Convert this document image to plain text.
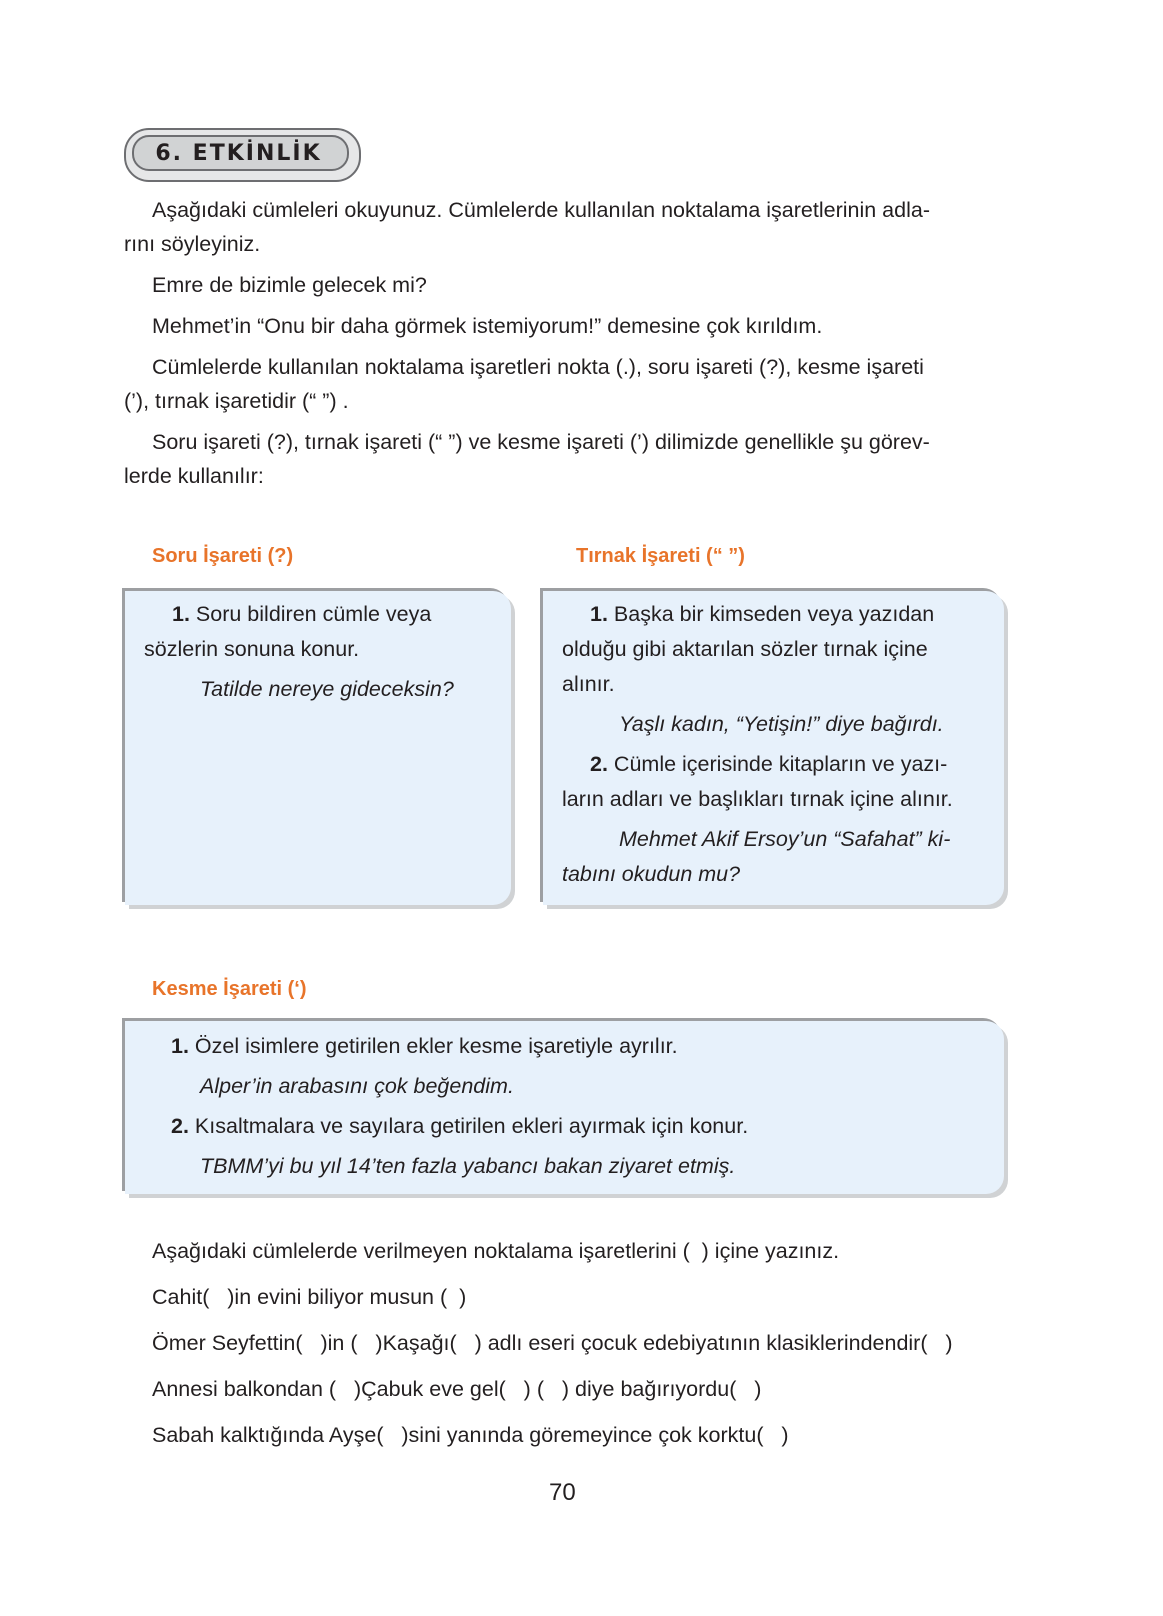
6. ETKİNLİK
Aşağıdaki cümleleri okuyunuz. Cümlelerde kullanılan noktalama işaretlerinin adla-
rını söyleyiniz.
Emre de bizimle gelecek mi?
Mehmet’in “Onu bir daha görmek istemiyorum!” demesine çok kırıldım.
Cümlelerde kullanılan noktalama işaretleri nokta (.), soru işareti (?), kesme işareti
(’), tırnak işaretidir (“ ”) .
Soru işareti (?), tırnak işareti (“ ”) ve kesme işareti (’) dilimizde genellikle şu görev-
lerde kullanılır:
Soru İşareti (?)	Tırnak İşareti (“ ”)
1. Soru bildiren cümle veya
sözlerin sonuna konur.
Tatilde nereye gideceksin?
1. Başka bir kimseden veya yazıdan
olduğu gibi aktarılan sözler tırnak içine
alınır.
Yaşlı kadın, “Yetişin!” diye bağırdı.
2. Cümle içerisinde kitapların ve yazı-
ların adları ve başlıkları tırnak içine alınır.
Mehmet Akif Ersoy’un “Safahat” ki-
tabını okudun mu?
Kesme İşareti (‘)
1. Özel isimlere getirilen ekler kesme işaretiyle ayrılır.
Alper’in arabasını çok beğendim.
2. Kısaltmalara ve sayılara getirilen ekleri ayırmak için konur.
TBMM’yi bu yıl 14’ten fazla yabancı bakan ziyaret etmiş.
Aşağıdaki cümlelerde verilmeyen noktalama işaretlerini (  ) içine yazınız.
Cahit(   )in evini biliyor musun (  )
Ömer Seyfettin(   )in (   )Kaşağı(   ) adlı eseri çocuk edebiyatının klasiklerindendir(   )
Annesi balkondan (   )Çabuk eve gel(   ) (   ) diye bağırıyordu(   )
Sabah kalktığında Ayşe(   )sini yanında göremeyince çok korktu(   )
70
